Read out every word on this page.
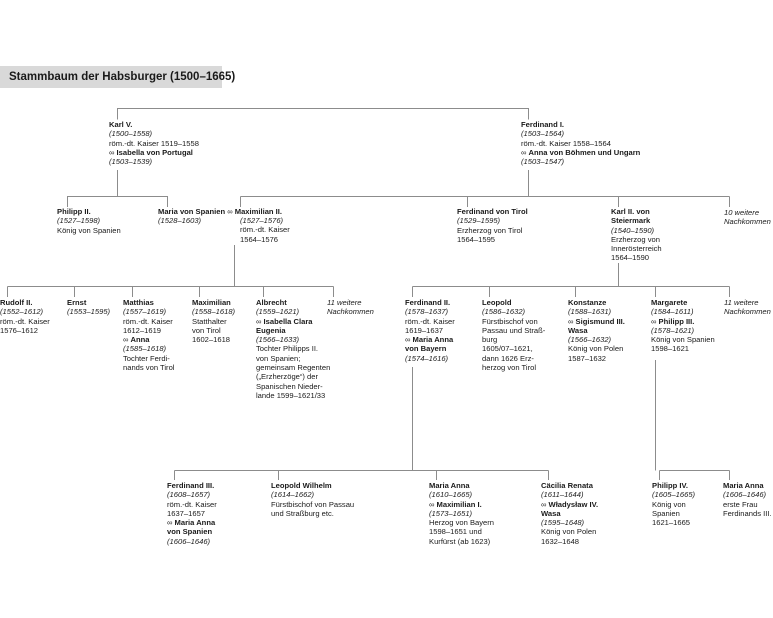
Stammbaum der Habsburger (1500–1665)
Karl V.
(1500–1558)
röm.-dt. Kaiser 1519–1558
∞ Isabella von Portugal
(1503–1539)
Ferdinand I.
(1503–1564)
röm.-dt. Kaiser 1558–1564
∞ Anna von Böhmen und Ungarn
(1503–1547)
Philipp II.
(1527–1598)
König von Spanien
Maria von Spanien∞ Maximilian II.
(1528–1603)	(1527–1576)
röm.-dt. Kaiser
1564–1576
Ferdinand von Tirol
(1529–1595)
Erzherzog von Tirol
1564–1595
Karl II. von
Steiermark
(1540–1590)
Erzherzog von
Innerösterreich
1564–1590
10 weitere
Nachkommen
Rudolf II.
(1552–1612)
röm.-dt. Kaiser
1576–1612
Ernst
(1553–1595)
Matthias
(1557–1619)
röm.-dt. Kaiser
1612–1619
∞ Anna
(1585–1618)
Tochter Ferdi-
nands von Tirol
Maximilian
(1558–1618)
Statthalter
von Tirol
1602–1618
Albrecht
(1559–1621)
∞ Isabella Clara
Eugenia
(1566–1633)
Tochter Philipps II.
von Spanien;
gemeinsam Regenten
(„Erzherzöge“) der
Spanischen Nieder-
lande 1599–1621/33
11 weitere
Nachkommen
Ferdinand II.
(1578–1637)
röm.-dt. Kaiser
1619–1637
∞ Maria Anna
von Bayern
(1574–1616)
Leopold
(1586–1632)
Fürstbischof von
Passau und Straß-
burg
1605/07–1621,
dann 1626 Erz-
herzog von Tirol
Konstanze
(1588–1631)
∞ Sigismund III.
Wasa
(1566–1632)
König von Polen
1587–1632
Margarete
(1584–1611)
∞ Philipp III.
(1578–1621)
König von Spanien
1598–1621
11 weitere
Nachkommen
Ferdinand III.
(1608–1657)
röm.-dt. Kaiser
1637–1657
∞ Maria Anna
von Spanien
(1606–1646)
Leopold Wilhelm
(1614–1662)
Fürstbischof von Passau
und Straßburg etc.
Maria Anna
(1610–1665)
∞ Maximilian I.
(1573–1651)
Herzog von Bayern
1598–1651 und
Kurfürst (ab 1623)
Cäcilia Renata
(1611–1644)
∞ Władysław IV.
Wasa
(1595–1648)
König von Polen
1632–1648
Philipp IV.
(1605–1665)
König von
Spanien
1621–1665
Maria Anna
(1606–1646)
erste Frau
Ferdinands III.
